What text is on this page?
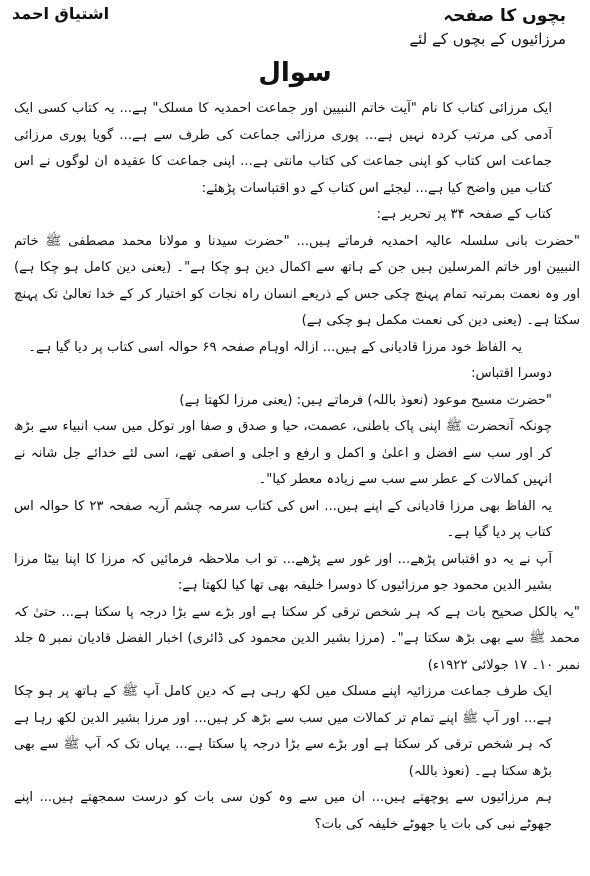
بچوں کا صفحہ
مرزائیوں کے بچوں کے لئے
اشتیاق احمد
سوال

ایک مرزائی کتاب کا نام "آیت خاتم النبیین اور جماعت احمدیہ کا مسلک" ہے... یہ کتاب کسی ایک آدمی کی مرتب کردہ نہیں ہے... پوری مرزائی جماعت کی طرف سے ہے... گویا پوری مرزائی جماعت اس کتاب کو اپنی جماعت کی کتاب مانتی ہے... اپنی جماعت کا عقیدہ ان لوگوں نے اس کتاب میں واضح کیا ہے... لیجئے اس کتاب کے دو اقتباسات پڑھئے:

کتاب کے صفحہ ۳۴ پر تحریر ہے:

"حضرت بانی سلسلہ عالیہ احمدیہ فرماتے ہیں... "حضرت سیدنا و مولانا محمد مصطفی ﷺ خاتم النبیین اور خاتم المرسلین ہیں جن کے ہاتھ سے اکمال دین ہو چکا ہے"۔ (یعنی دین کامل ہو چکا ہے) اور وہ نعمت بمرتبہ تمام پہنچ چکی جس کے ذریعے انسان راہ نجات کو اختیار کر کے خدا تعالیٰ تک پہنچ سکتا ہے۔ (یعنی دین کی نعمت مکمل ہو چکی ہے)

یہ الفاظ خود مرزا قادیانی کے ہیں... ازالہ اوہام صفحہ ۶۹ حوالہ اسی کتاب پر دیا گیا ہے۔

دوسرا اقتباس:

"حضرت مسیح موعود (نعوذ باللہ) فرماتے ہیں: (یعنی مرزا لکھتا ہے)

چونکہ آنحضرت ﷺ اپنی پاک باطنی، عصمت، حیا و صدق و صفا اور توکل میں سب انبیاء سے بڑھ کر اور سب سے افضل و اعلیٰ و اکمل و ارفع و اجلی و اصفی تھے، اسی لئے خدائے جل شانہ نے انہیں کمالات کے عطر سے سب سے زیادہ معطر کیا"۔

یہ الفاظ بھی مرزا قادیانی کے اپنے ہیں... اس کی کتاب سرمہ چشم آریہ صفحہ ۲۳ کا حوالہ اس کتاب پر دیا گیا ہے۔

آپ نے یہ دو اقتباس پڑھے... اور غور سے پڑھے... تو اب ملاحظہ فرمائیں کہ مرزا کا اپنا بیٹا مرزا بشیر الدین محمود جو مرزائیوں کا دوسرا خلیفہ بھی تھا کیا لکھتا ہے:

"یہ بالکل صحیح بات ہے کہ ہر شخص ترقی کر سکتا ہے اور بڑے سے بڑا درجہ پا سکتا ہے... حتیٰ کہ محمد ﷺ سے بھی بڑھ سکتا ہے"۔ (مرزا بشیر الدین محمود کی ڈائری) اخبار الفضل قادیان نمبر ۵ جلد نمبر ۱۰۔ ۱۷ جولائی ۱۹۲۲ء)

ایک طرف جماعت مرزائیہ اپنے مسلک میں لکھ رہی ہے کہ دین کامل آپ ﷺ کے ہاتھ پر ہو چکا ہے... اور آپ ﷺ اپنے تمام تر کمالات میں سب سے بڑھ کر ہیں... اور مرزا بشیر الدین لکھ رہا ہے کہ ہر شخص ترقی کر سکتا ہے اور بڑے سے بڑا درجہ پا سکتا ہے... یہاں تک کہ آپ ﷺ سے بھی بڑھ سکتا ہے۔ (نعوذ باللہ)

ہم مرزائیوں سے پوچھتے ہیں... ان میں سے وہ کون سی بات کو درست سمجھتے ہیں... اپنے جھوٹے نبی کی بات یا جھوٹے خلیفہ کی بات؟
